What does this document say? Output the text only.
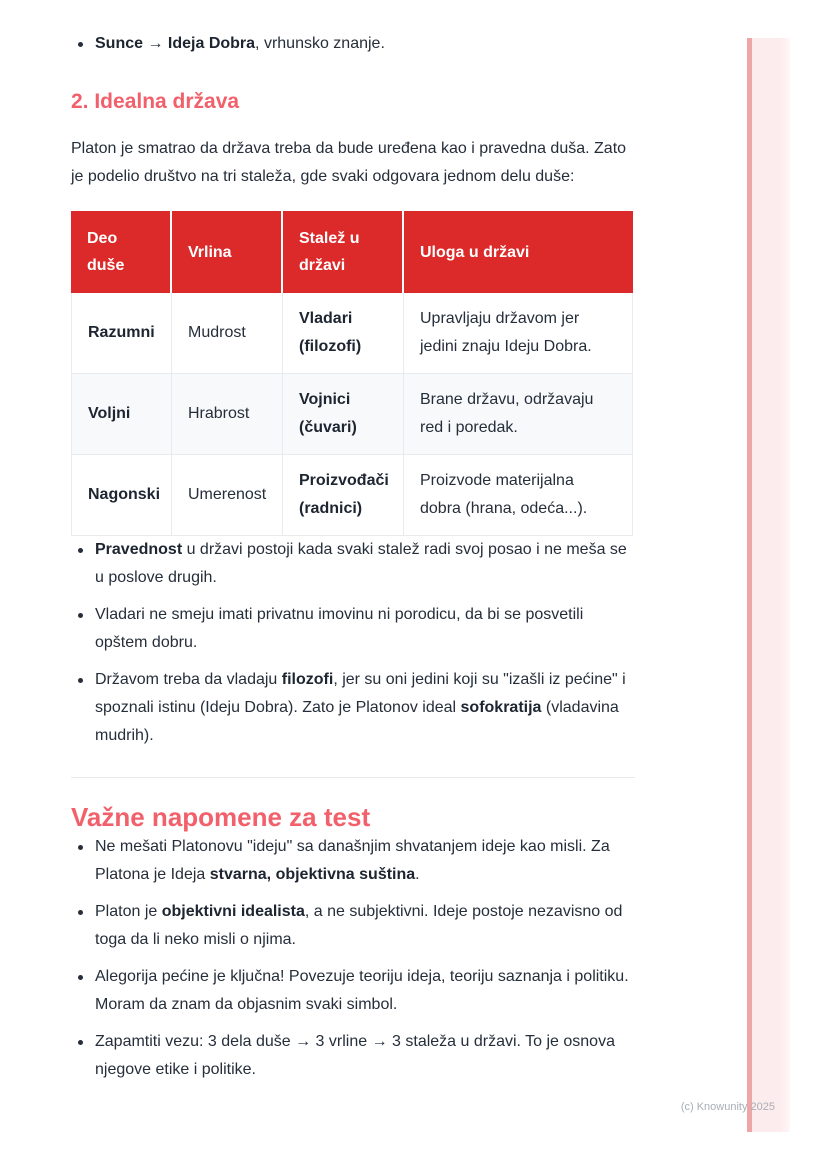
Sunce → Ideja Dobra, vrhunsko znanje.
2. Idealna država

Platon je smatrao da država treba da bude uređena kao i pravedna duša. Zato je podelio društvo na tri staleža, gde svaki odgovara jednom delu duše:

Deo duše	Vrlina	Stalež u državi	Uloga u državi
Razumni	Mudrost	Vladari (filozofi)	Upravljaju državom jer jedini znaju Ideju Dobra.
Voljni	Hrabrost	Vojnici (čuvari)	Brane državu, održavaju red i poredak.
Nagonski	Umerenost	Proizvođači (radnici)	Proizvode materijalna dobra (hrana, odeća...).
Pravednost u državi postoji kada svaki stalež radi svoj posao i ne meša se u poslove drugih.
Vladari ne smeju imati privatnu imovinu ni porodicu, da bi se posvetili opštem dobru.
Državom treba da vladaju filozofi, jer su oni jedini koji su "izašli iz pećine" i spoznali istinu (Ideju Dobra). Zato je Platonov ideal sofokratija (vladavina mudrih).
Važne napomene za test
Ne mešati Platonovu "ideju" sa današnjim shvatanjem ideje kao misli. Za Platona je Ideja stvarna, objektivna suština.
Platon je objektivni idealista, a ne subjektivni. Ideje postoje nezavisno od toga da li neko misli o njima.
Alegorija pećine je ključna! Povezuje teoriju ideja, teoriju saznanja i politiku. Moram da znam da objasnim svaki simbol.
Zapamtiti vezu: 3 dela duše → 3 vrline → 3 staleža u državi. To je osnova njegove etike i politike.
(c) Knowunity 2025
